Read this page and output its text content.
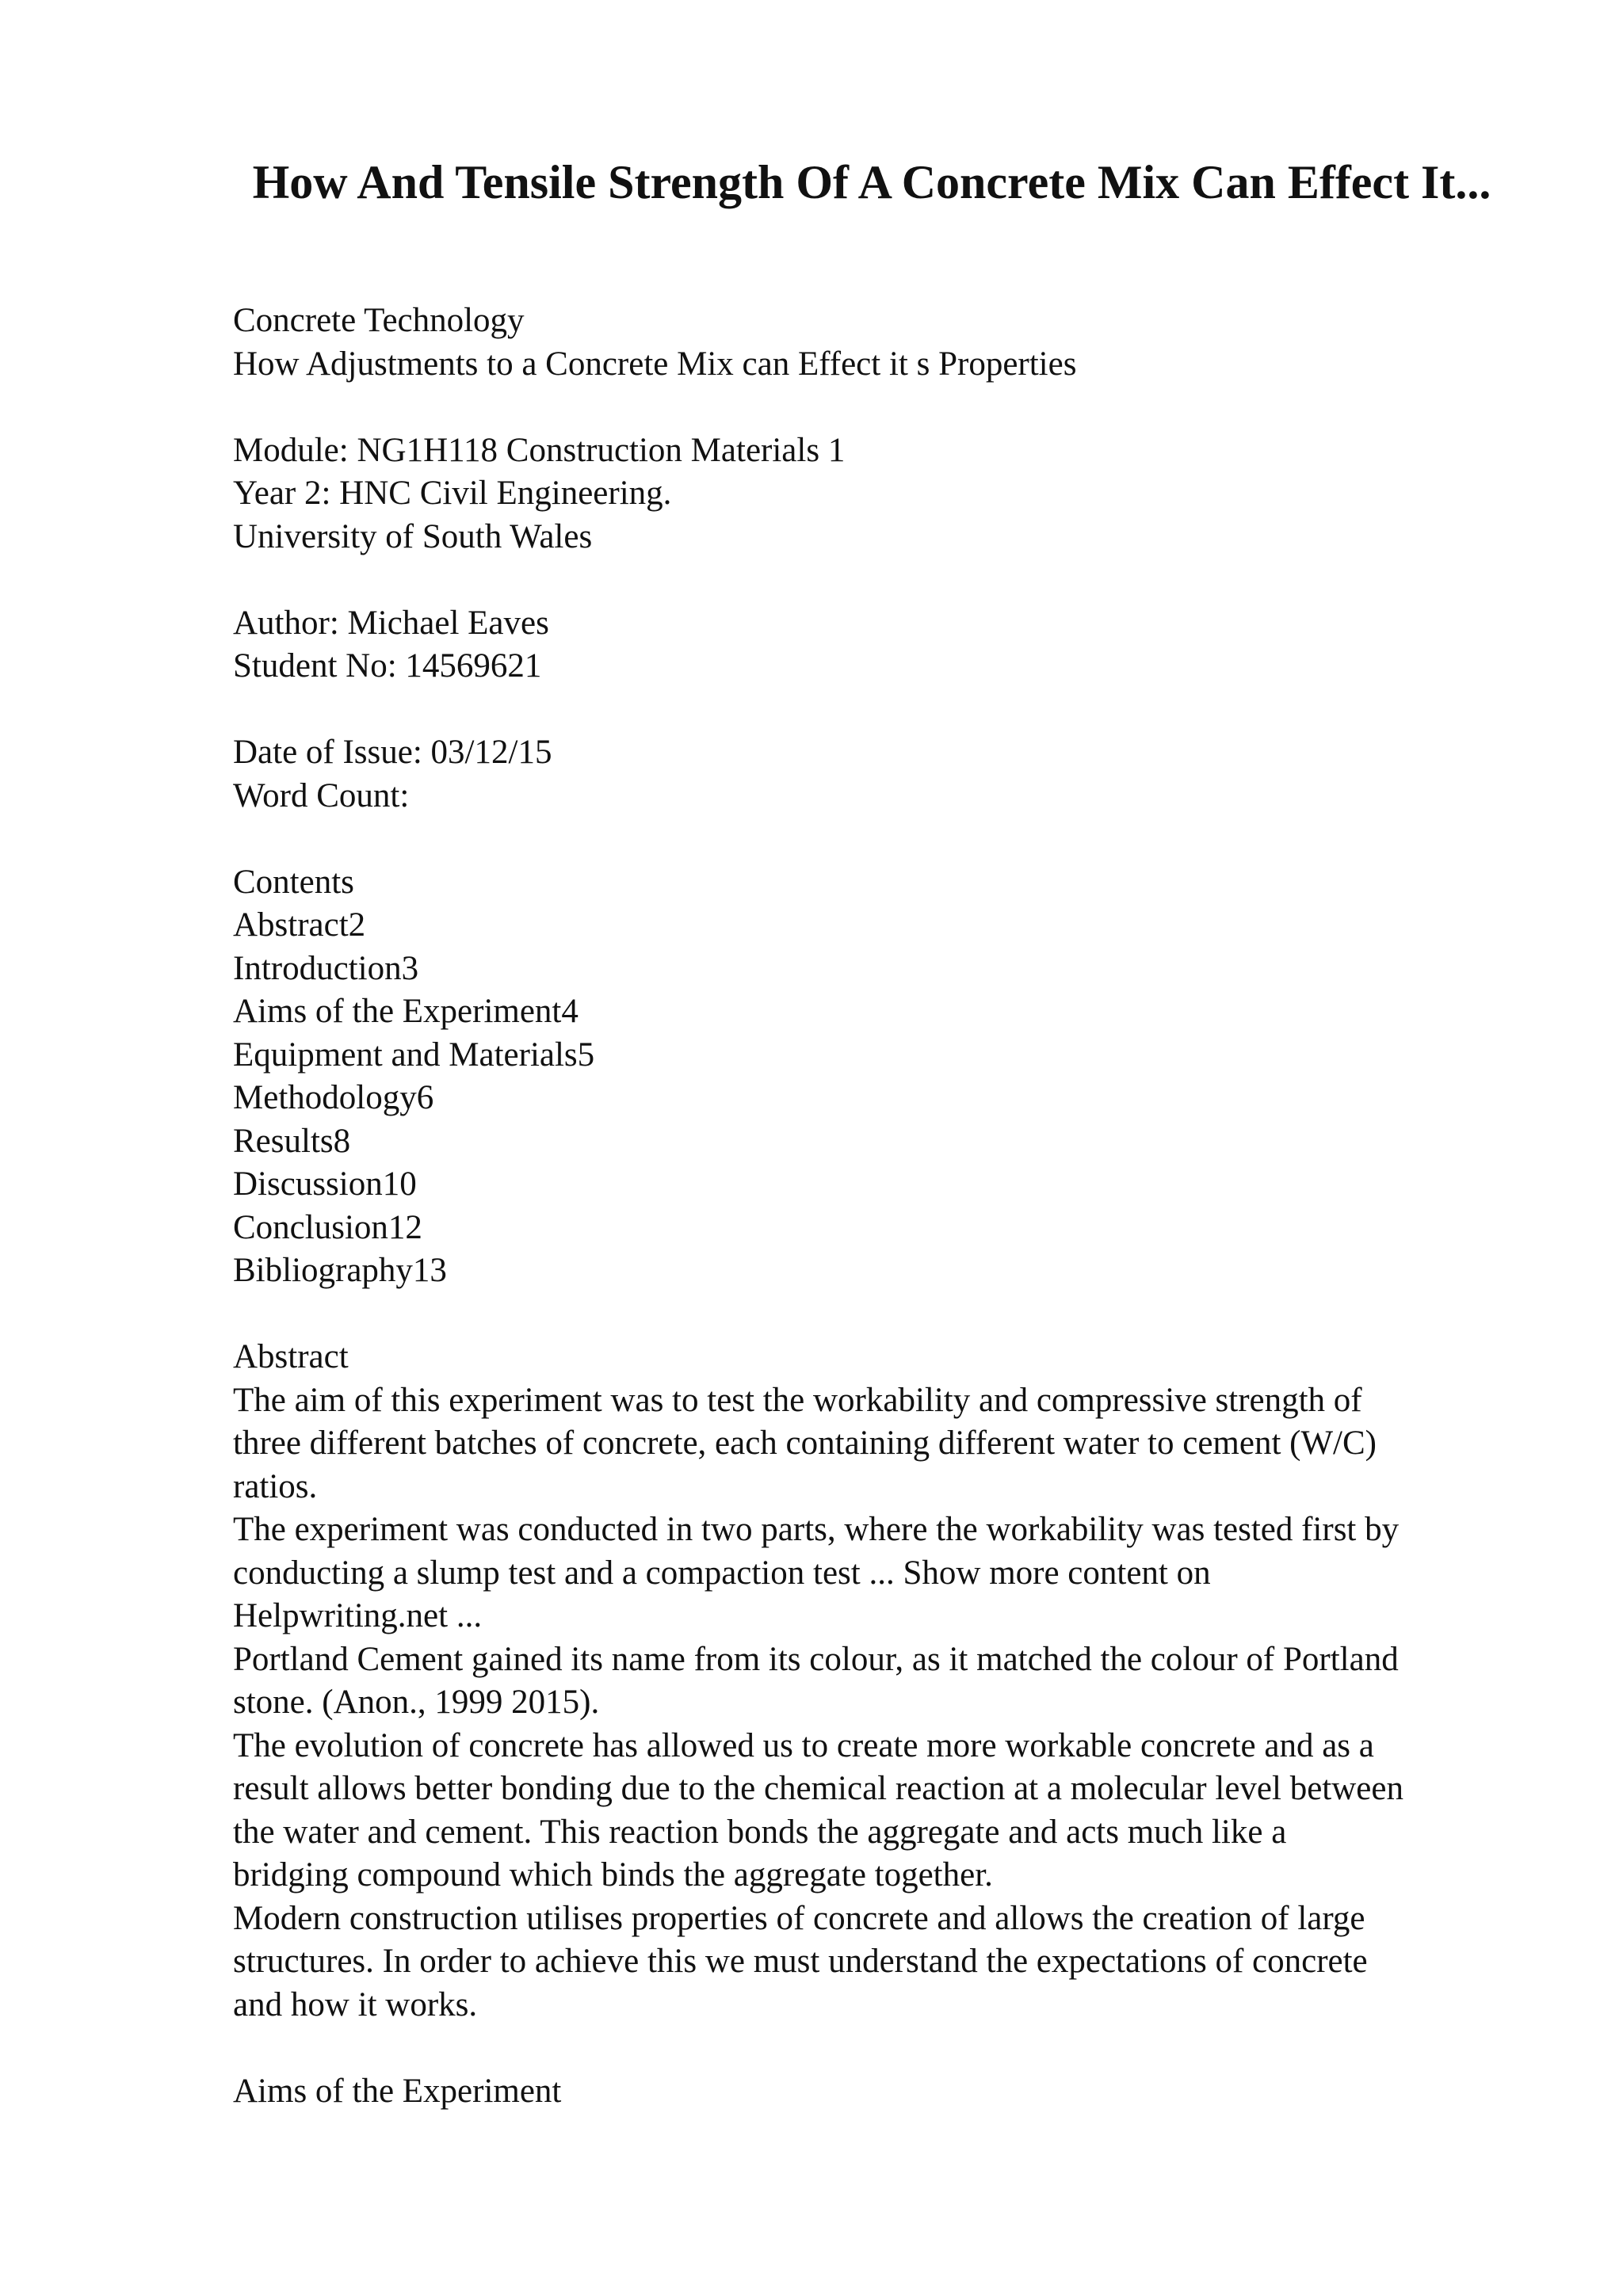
How And Tensile Strength Of A Concrete Mix Can Effect It...
Concrete Technology
How Adjustments to a Concrete Mix can Effect it s Properties
Module: NG1H118 Construction Materials 1
Year 2: HNC Civil Engineering.
University of South Wales
Author: Michael Eaves
Student No: 14569621
Date of Issue: 03/12/15
Word Count:
Contents
Abstract2
Introduction3
Aims of the Experiment4
Equipment and Materials5
Methodology6
Results8
Discussion10
Conclusion12
Bibliography13
Abstract
The aim of this experiment was to test the workability and compressive strength of
three different batches of concrete, each containing different water to cement (W/C)
ratios.
The experiment was conducted in two parts, where the workability was tested first by
conducting a slump test and a compaction test ... Show more content on
Helpwriting.net ...
Portland Cement gained its name from its colour, as it matched the colour of Portland
stone. (Anon., 1999 2015).
The evolution of concrete has allowed us to create more workable concrete and as a
result allows better bonding due to the chemical reaction at a molecular level between
the water and cement. This reaction bonds the aggregate and acts much like a
bridging compound which binds the aggregate together.
Modern construction utilises properties of concrete and allows the creation of large
structures. In order to achieve this we must understand the expectations of concrete
and how it works.
Aims of the Experiment
